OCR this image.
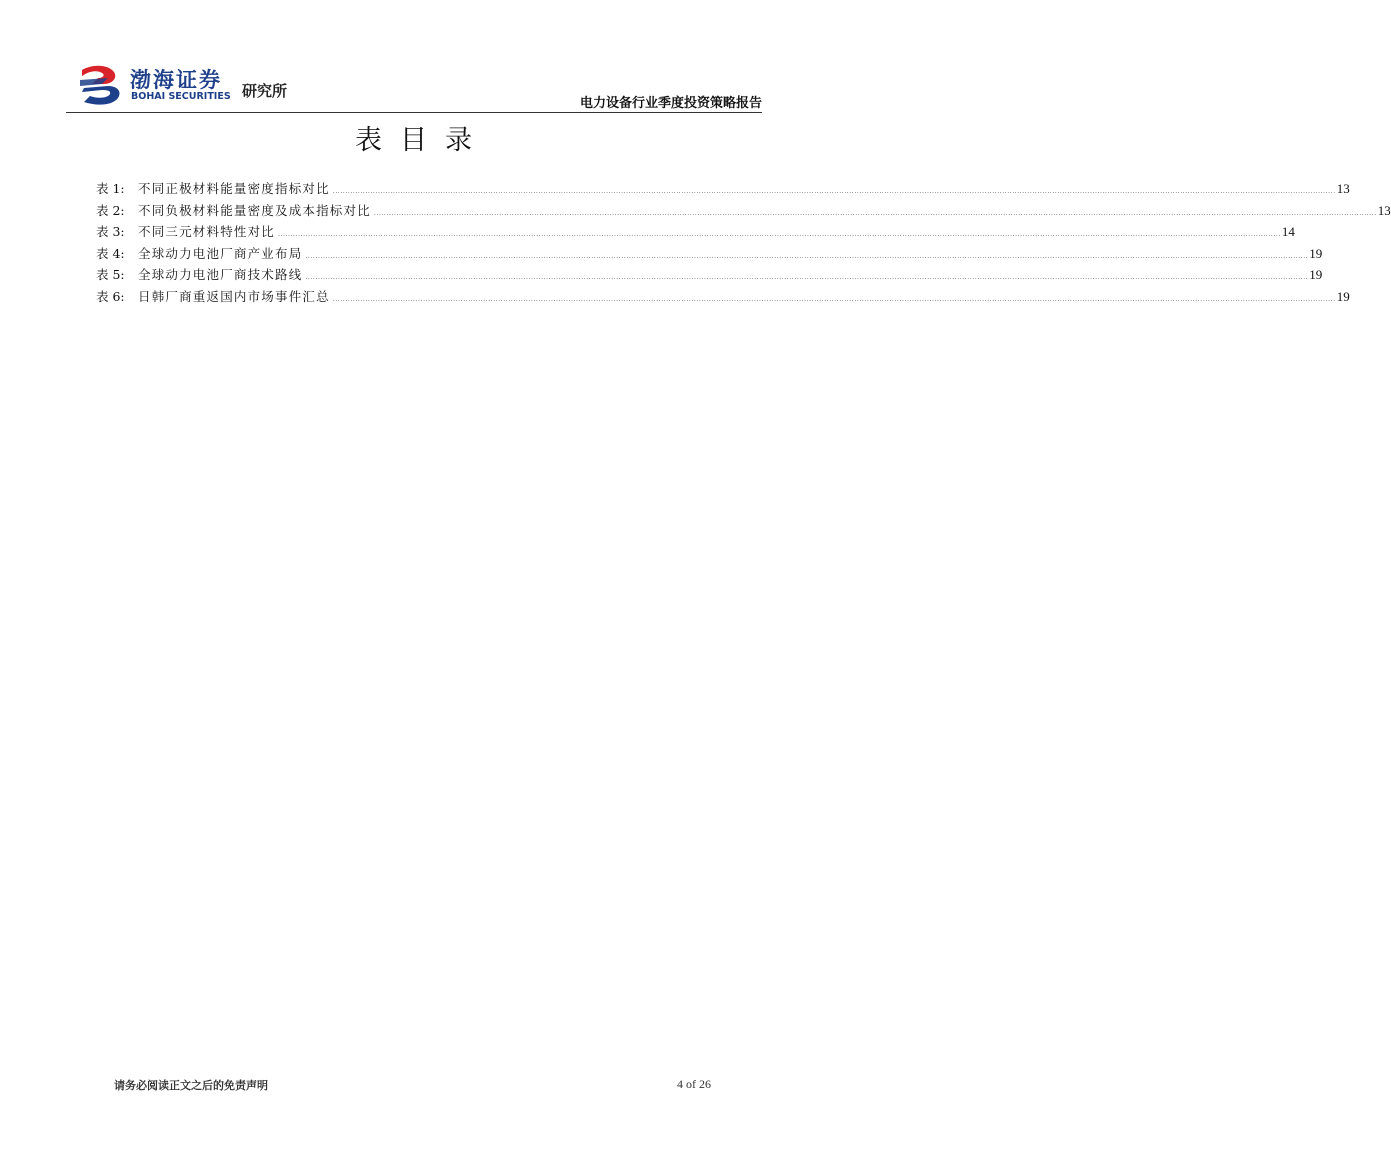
渤海证券
BOHAI SECURITIES 研究所
电力设备行业季度投资策略报告
表目录
表 1:	不同正极材料能量密度指标对比 ................................................................................................................................................................................................................................................................................................................................................................................................................ 13
表 2:	不同负极材料能量密度及成本指标对比 ................................................................................................................................................................................................................................................................................................................................................................................................................ 13
表 3:	不同三元材料特性对比 ................................................................................................................................................................................................................................................................................................................................................................................................................ 14
表 4:	全球动力电池厂商产业布局 ................................................................................................................................................................................................................................................................................................................................................................................................................ 19
表 5:	全球动力电池厂商技术路线 ................................................................................................................................................................................................................................................................................................................................................................................................................ 19
表 6:	日韩厂商重返国内市场事件汇总 ................................................................................................................................................................................................................................................................................................................................................................................................................ 19
请务必阅读正文之后的免责声明	4 of 26
